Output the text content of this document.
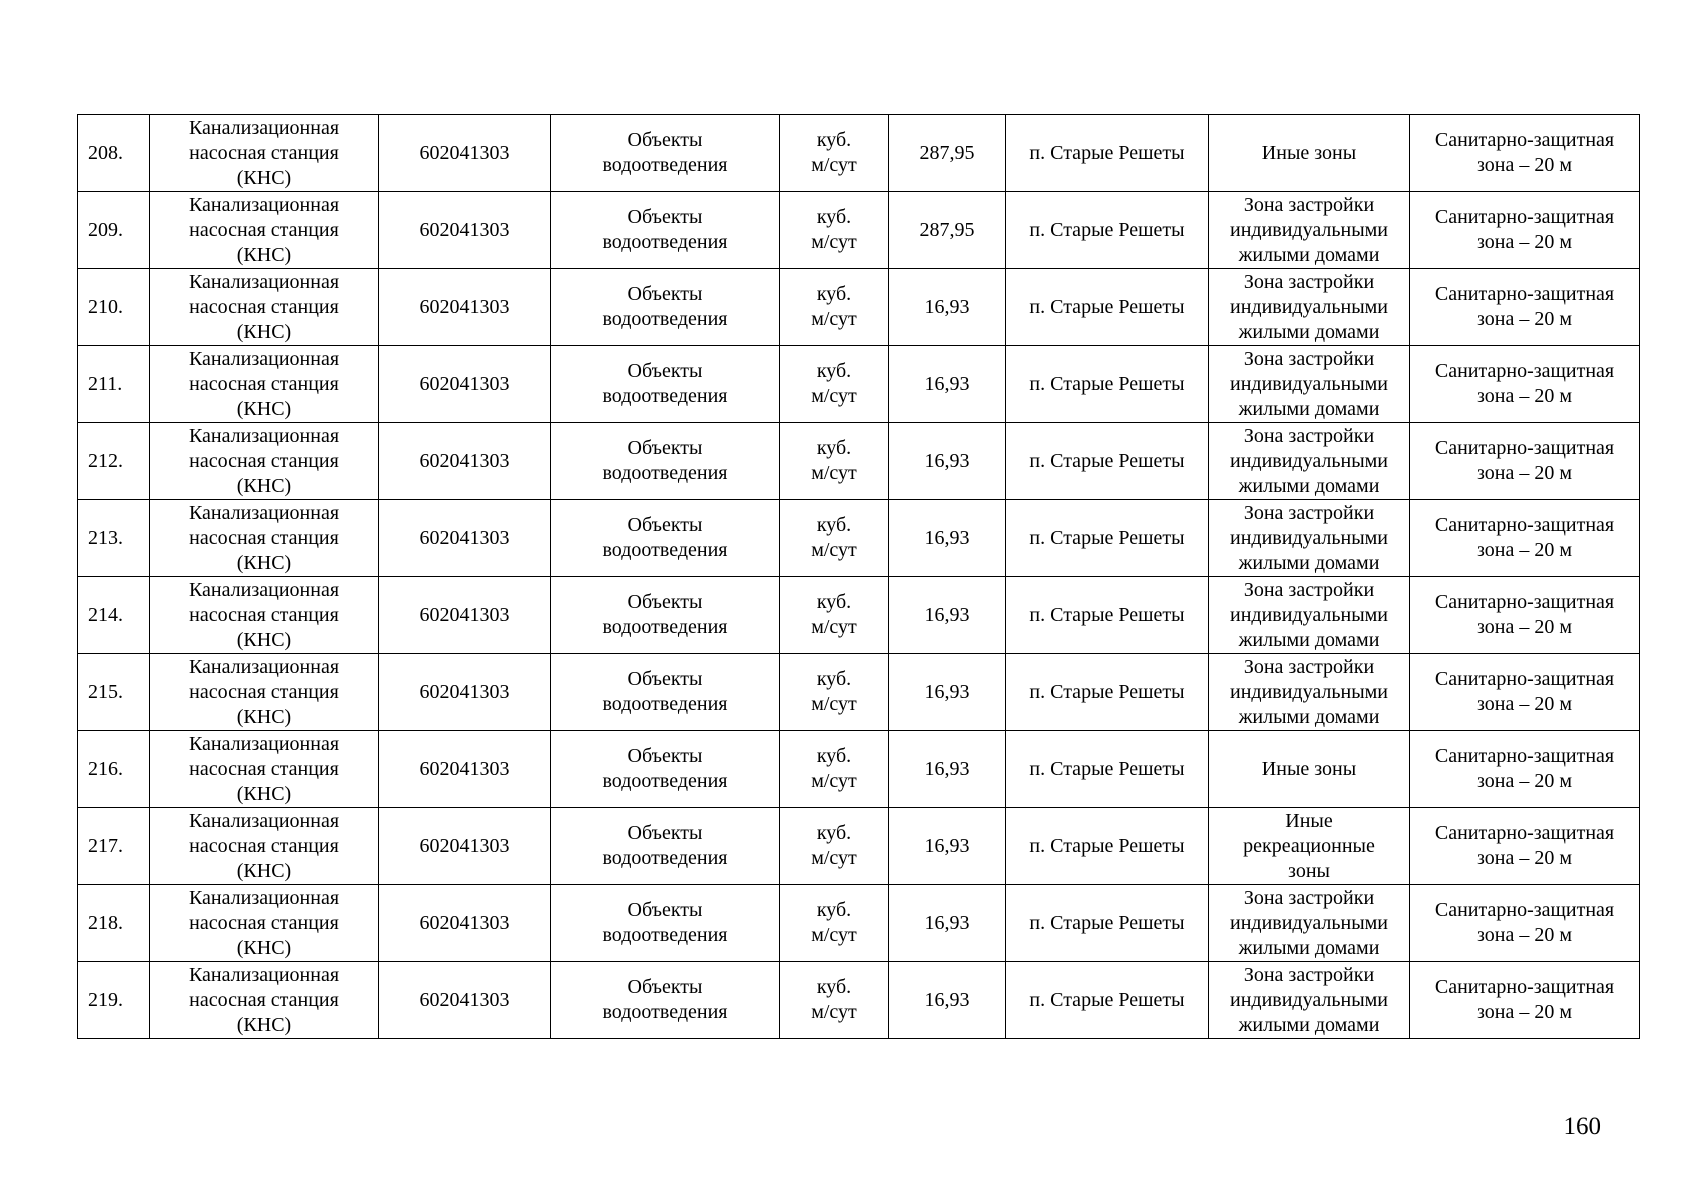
208.	Канализационная
насосная станция
(КНС)	602041303	Объекты
водоотведения	куб.
м/сут	287,95	п. Старые Решеты	Иные зоны	Санитарно-защитная
зона – 20 м

209.	Канализационная
насосная станция
(КНС)	602041303	Объекты
водоотведения	куб.
м/сут	287,95	п. Старые Решеты	Зона застройки
индивидуальными
жилыми домами	Санитарно-защитная
зона – 20 м

210.	Канализационная
насосная станция
(КНС)	602041303	Объекты
водоотведения	куб.
м/сут	16,93	п. Старые Решеты	Зона застройки
индивидуальными
жилыми домами	Санитарно-защитная
зона – 20 м

211.	Канализационная
насосная станция
(КНС)	602041303	Объекты
водоотведения	куб.
м/сут	16,93	п. Старые Решеты	Зона застройки
индивидуальными
жилыми домами	Санитарно-защитная
зона – 20 м

212.	Канализационная
насосная станция
(КНС)	602041303	Объекты
водоотведения	куб.
м/сут	16,93	п. Старые Решеты	Зона застройки
индивидуальными
жилыми домами	Санитарно-защитная
зона – 20 м

213.	Канализационная
насосная станция
(КНС)	602041303	Объекты
водоотведения	куб.
м/сут	16,93	п. Старые Решеты	Зона застройки
индивидуальными
жилыми домами	Санитарно-защитная
зона – 20 м

214.	Канализационная
насосная станция
(КНС)	602041303	Объекты
водоотведения	куб.
м/сут	16,93	п. Старые Решеты	Зона застройки
индивидуальными
жилыми домами	Санитарно-защитная
зона – 20 м

215.	Канализационная
насосная станция
(КНС)	602041303	Объекты
водоотведения	куб.
м/сут	16,93	п. Старые Решеты	Зона застройки
индивидуальными
жилыми домами	Санитарно-защитная
зона – 20 м

216.	Канализационная
насосная станция
(КНС)	602041303	Объекты
водоотведения	куб.
м/сут	16,93	п. Старые Решеты	Иные зоны	Санитарно-защитная
зона – 20 м

217.	Канализационная
насосная станция
(КНС)	602041303	Объекты
водоотведения	куб.
м/сут	16,93	п. Старые Решеты	Иные
рекреационные
зоны	Санитарно-защитная
зона – 20 м

218.	Канализационная
насосная станция
(КНС)	602041303	Объекты
водоотведения	куб.
м/сут	16,93	п. Старые Решеты	Зона застройки
индивидуальными
жилыми домами	Санитарно-защитная
зона – 20 м

219.	Канализационная
насосная станция
(КНС)	602041303	Объекты
водоотведения	куб.
м/сут	16,93	п. Старые Решеты	Зона застройки
индивидуальными
жилыми домами	Санитарно-защитная
зона – 20 м
160
